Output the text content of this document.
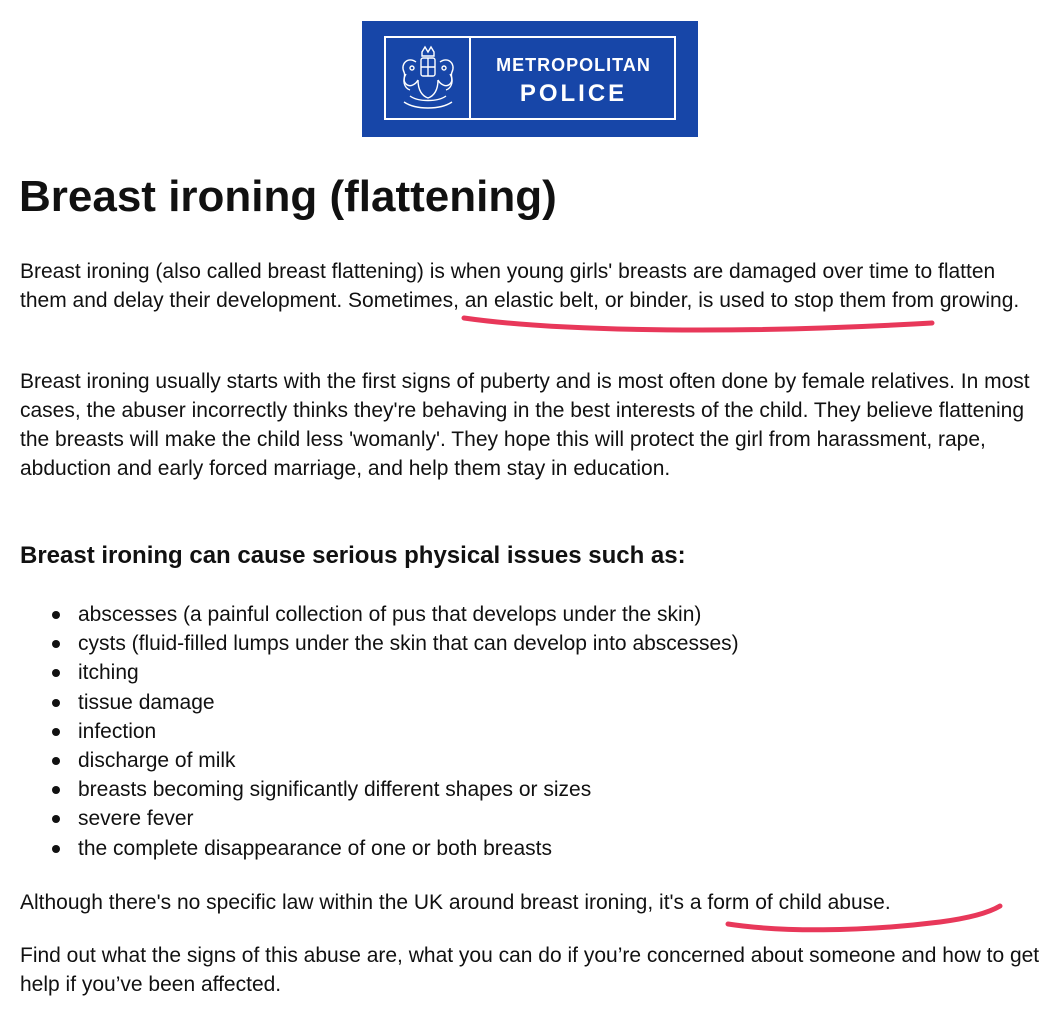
METROPOLITAN
POLICE
Breast ironing (flattening)

Breast ironing (also called breast flattening) is when young girls' breasts are damaged over time to flatten them and delay their development. Sometimes, an elastic belt, or binder, is used to stop them from growing.

Breast ironing usually starts with the first signs of puberty and is most often done by female relatives. In most cases, the abuser incorrectly thinks they're behaving in the best interests of the child. They believe flattening the breasts will make the child less 'womanly'. They hope this will protect the girl from harassment, rape, abduction and early forced marriage, and help them stay in education.

Breast ironing can cause serious physical issues such as:
abscesses (a painful collection of pus that develops under the skin)
cysts (fluid-filled lumps under the skin that can develop into abscesses)
itching
tissue damage
infection
discharge of milk
breasts becoming significantly different shapes or sizes
severe fever
the complete disappearance of one or both breasts

Although there's no specific law within the UK around breast ironing, it's a form of child abuse.

Find out what the signs of this abuse are, what you can do if you’re concerned about someone and how to get help if you’ve been affected.
